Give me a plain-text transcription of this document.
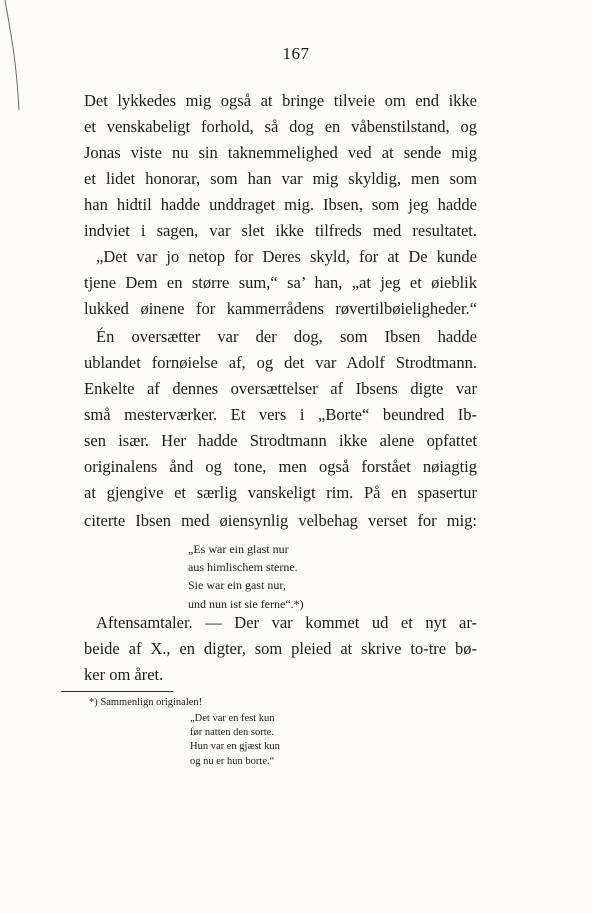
167
Det lykkedes mig også at bringe tilveie om end ikke
et venskabeligt forhold, så dog en våbenstilstand, og
Jonas viste nu sin taknemmelighed ved at sende mig
et lidet honorar, som han var mig skyldig, men som
han hidtil hadde unddraget mig. Ibsen, som jeg hadde
indviet i sagen, var slet ikke tilfreds med resultatet.
„Det var jo netop for Deres skyld, for at De kunde
tjene Dem en større sum,“ sa’ han, „at jeg et øieblik
lukked øinene for kammerrådens røvertilbøieligheder.“
Én oversætter var der dog, som Ibsen hadde
ublandet fornøielse af, og det var Adolf Strodtmann.
Enkelte af dennes oversættelser af Ibsens digte var
små mesterværker. Et vers i „Borte“ beundred Ib-
sen især. Her hadde Strodtmann ikke alene opfattet
originalens ånd og tone, men også forstået nøiagtig
at gjengive et særlig vanskeligt rim. På en spasertur
citerte Ibsen med øiensynlig velbehag verset for mig:
„Es war ein glast nur
aus himlischem sterne.
Sie war ein gast nur,
und nun ist sie ferne“.*)
Aftensamtaler. — Der var kommet ud et nyt ar-
beide af X., en digter, som pleied at skrive to-tre bø-
ker om året.
*) Sammenlign originalen!
„Det var en fest kun
før natten den sorte.
Hun var en gjæst kun
og nu er hun borte.“
